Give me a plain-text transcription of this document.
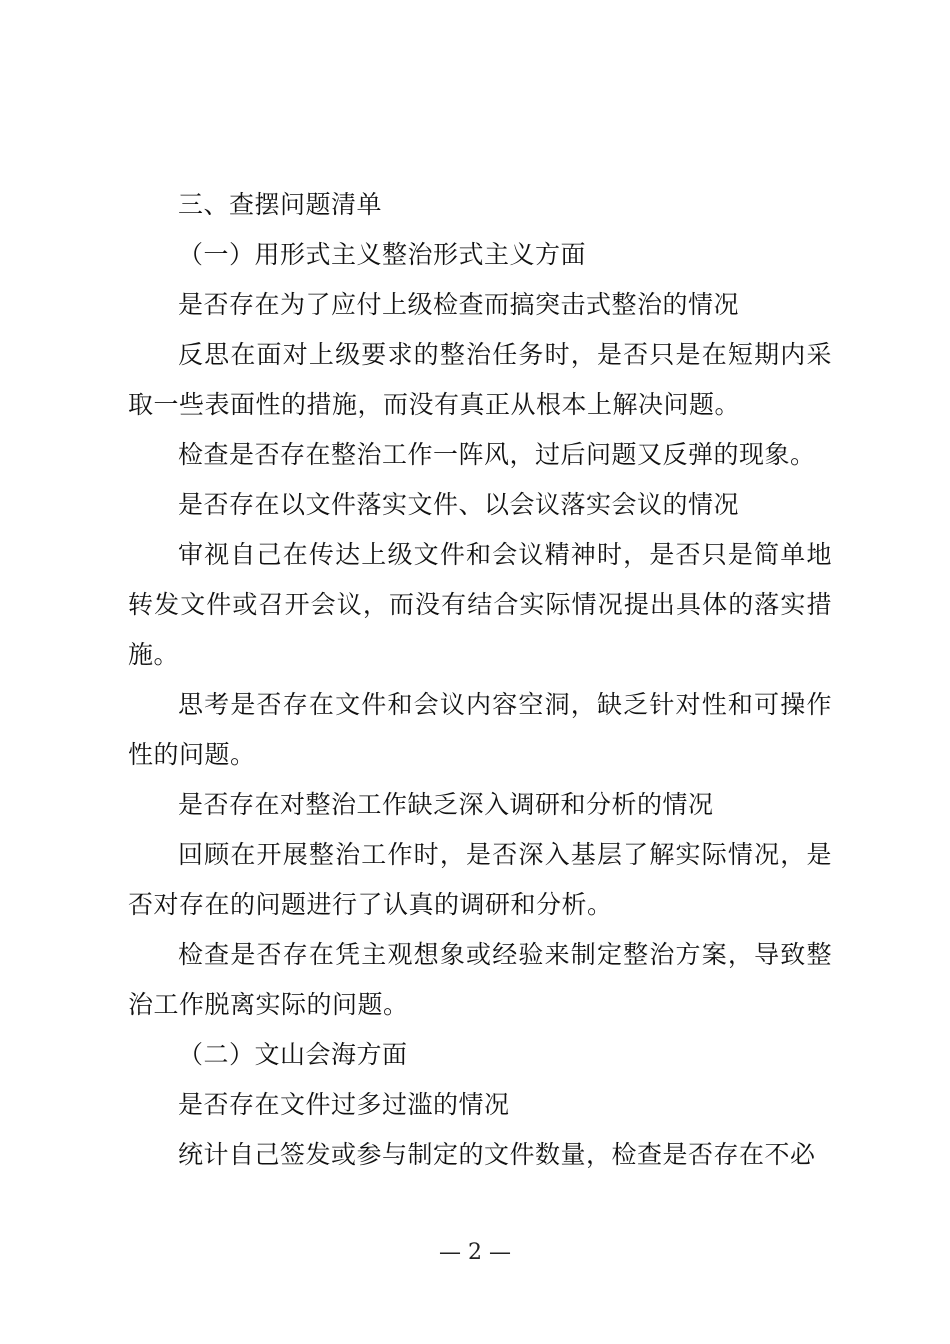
三、查摆问题清单

（一）用形式主义整治形式主义方面

是否存在为了应付上级检查而搞突击式整治的情况

反思在面对上级要求的整治任务时，是否只是在短期内采取一些表面性的措施，而没有真正从根本上解决问题。

检查是否存在整治工作一阵风，过后问题又反弹的现象。

是否存在以文件落实文件、以会议落实会议的情况

审视自己在传达上级文件和会议精神时，是否只是简单地转发文件或召开会议，而没有结合实际情况提出具体的落实措施。

思考是否存在文件和会议内容空洞，缺乏针对性和可操作性的问题。

是否存在对整治工作缺乏深入调研和分析的情况

回顾在开展整治工作时，是否深入基层了解实际情况，是否对存在的问题进行了认真的调研和分析。

检查是否存在凭主观想象或经验来制定整治方案，导致整治工作脱离实际的问题。

（二）文山会海方面

是否存在文件过多过滥的情况

统计自己签发或参与制定的文件数量，检查是否存在不必

— 2 —
